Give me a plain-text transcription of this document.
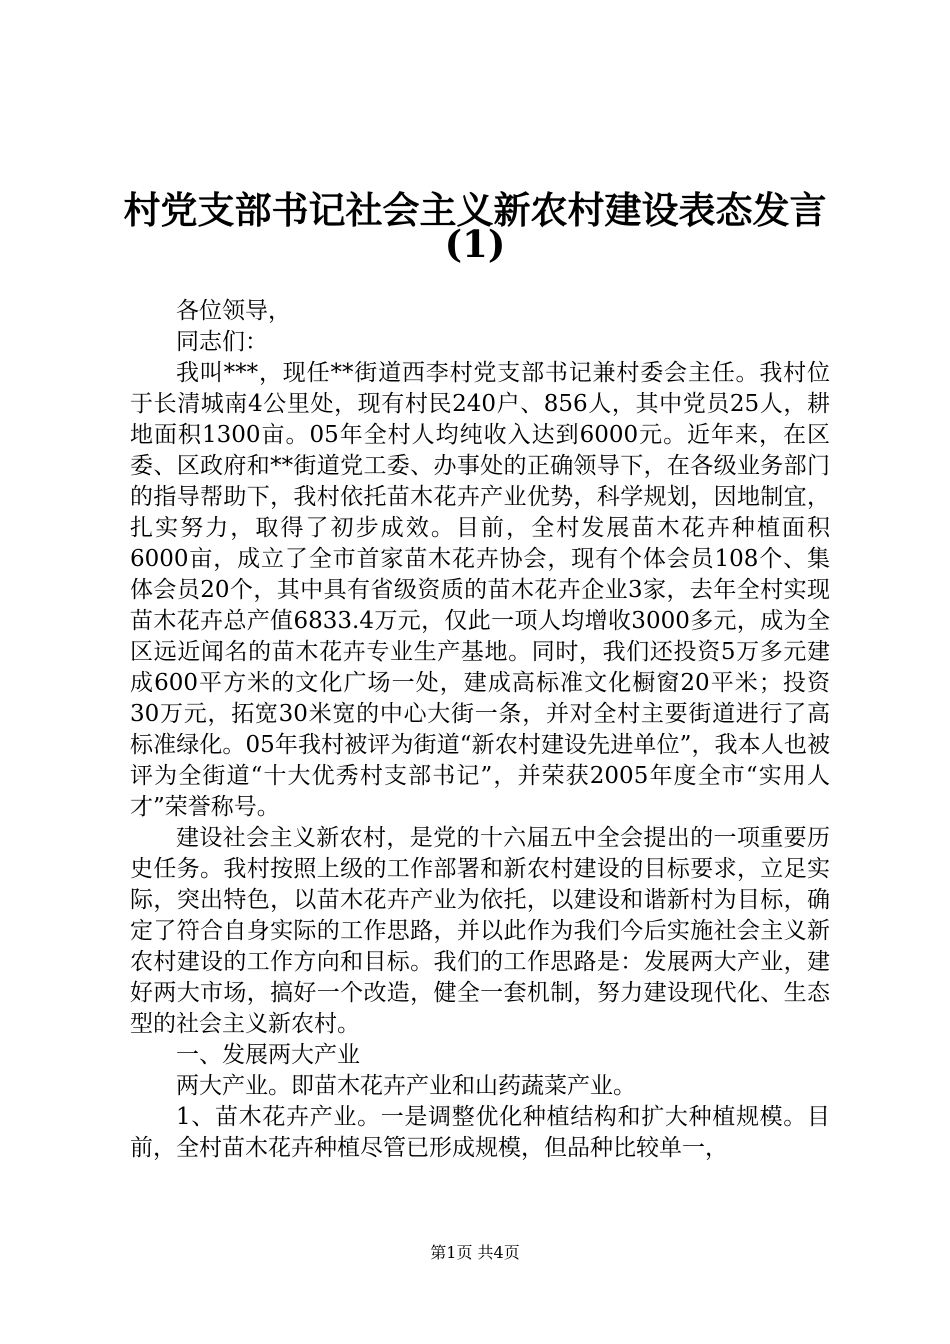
村党支部书记社会主义新农村建设表态发言
(1)

各位领导，

同志们：

我叫***，现任**街道西李村党支部书记兼村委会主任。我村位于长清城南4公里处，现有村民240户、856人，其中党员25人，耕地面积1300亩。05年全村人均纯收入达到6000元。近年来，在区委、区政府和**街道党工委、办事处的正确领导下，在各级业务部门的指导帮助下，我村依托苗木花卉产业优势，科学规划，因地制宜，扎实努力，取得了初步成效。目前，全村发展苗木花卉种植面积6000亩，成立了全市首家苗木花卉协会，现有个体会员108个、集体会员20个，其中具有省级资质的苗木花卉企业3家，去年全村实现苗木花卉总产值6833.4万元，仅此一项人均增收3000多元，成为全区远近闻名的苗木花卉专业生产基地。同时，我们还投资5万多元建成600平方米的文化广场一处，建成高标准文化橱窗20平米；投资30万元，拓宽30米宽的中心大街一条，并对全村主要街道进行了高标准绿化。05年我村被评为街道“新农村建设先进单位”，我本人也被评为全街道“十大优秀村支部书记”，并荣获2005年度全市“实用人才”荣誉称号。

建设社会主义新农村，是党的十六届五中全会提出的一项重要历史任务。我村按照上级的工作部署和新农村建设的目标要求，立足实际，突出特色，以苗木花卉产业为依托，以建设和谐新村为目标，确定了符合自身实际的工作思路，并以此作为我们今后实施社会主义新农村建设的工作方向和目标。我们的工作思路是：发展两大产业，建好两大市场，搞好一个改造，健全一套机制，努力建设现代化、生态型的社会主义新农村。

一、发展两大产业

两大产业。即苗木花卉产业和山药蔬菜产业。

1、苗木花卉产业。一是调整优化种植结构和扩大种植规模。目前，全村苗木花卉种植尽管已形成规模，但品种比较单一，

第1页 共4页
